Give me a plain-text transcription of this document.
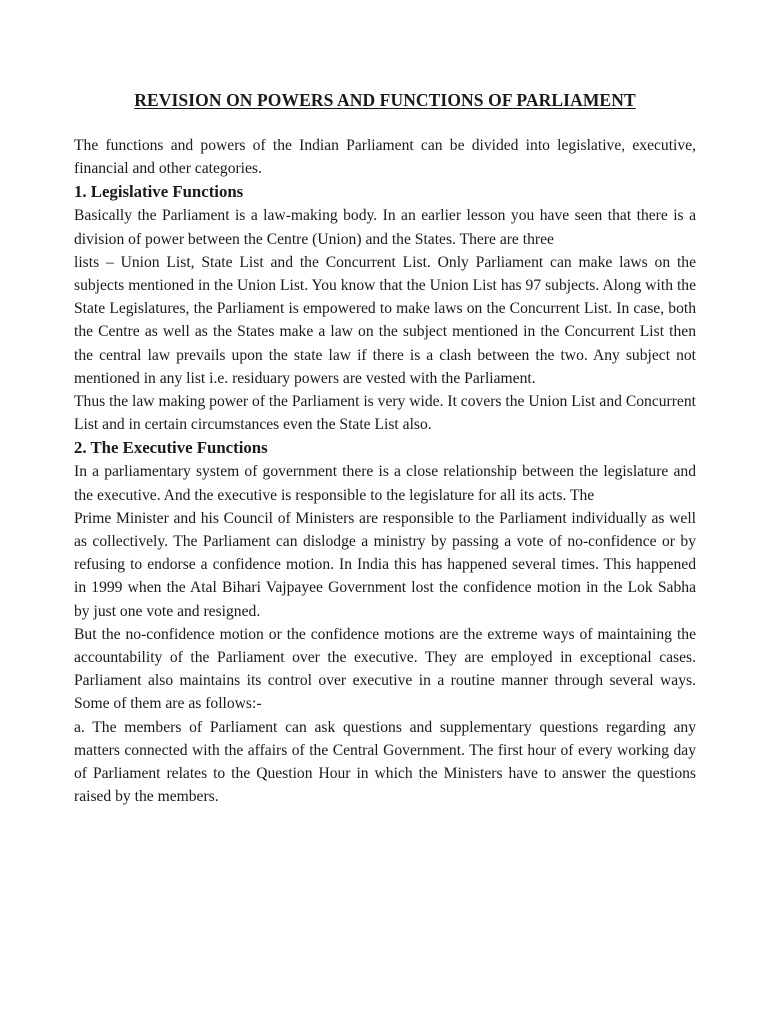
REVISION ON POWERS AND FUNCTIONS OF PARLIAMENT

The functions and powers of the Indian Parliament can be divided into legislative, executive, financial and other categories.

1. Legislative Functions

Basically the Parliament is a law-making body. In an earlier lesson you have seen that there is a division of power between the Centre (Union) and the States. There are three

lists – Union List, State List and the Concurrent List. Only Parliament can make laws on the subjects mentioned in the Union List. You know that the Union List has 97 subjects. Along with the State Legislatures, the Parliament is empowered to make laws on the Concurrent List. In case, both the Centre as well as the States make a law on the subject mentioned in the Concurrent List then the central law prevails upon the state law if there is a clash between the two. Any subject not mentioned in any list i.e. residuary powers are vested with the Parliament.

Thus the law making power of the Parliament is very wide. It covers the Union List and Concurrent List and in certain circumstances even the State List also.

2. The Executive Functions

In a parliamentary system of government there is a close relationship between the legislature and the executive. And the executive is responsible to the legislature for all its acts. The

Prime Minister and his Council of Ministers are responsible to the Parliament individually as well as collectively. The Parliament can dislodge a ministry by passing a vote of no-confidence or by refusing to endorse a confidence motion. In India this has happened several times. This happened in 1999 when the Atal Bihari Vajpayee Government lost the confidence motion in the Lok Sabha by just one vote and resigned.

But the no-confidence motion or the confidence motions are the extreme ways of maintaining the accountability of the Parliament over the executive. They are employed in exceptional cases. Parliament also maintains its control over executive in a routine manner through several ways. Some of them are as follows:-

a. The members of Parliament can ask questions and supplementary questions regarding any matters connected with the affairs of the Central Government. The first hour of every working day of Parliament relates to the Question Hour in which the Ministers have to answer the questions raised by the members.
